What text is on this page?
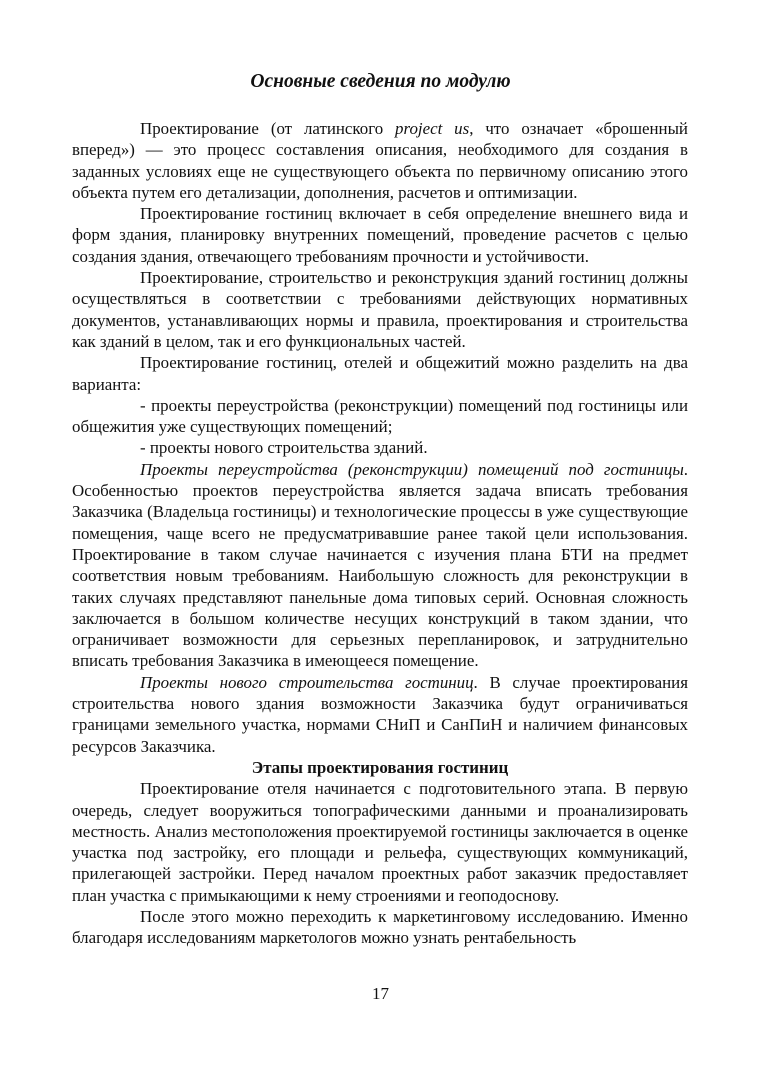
Основные сведения по модулю

Проектирование (от латинского project us, что означает «брошенный вперед») — это процесс составления описания, необходимого для создания в заданных условиях еще не существующего объекта по первичному описанию этого объекта путем его детализации, дополнения, расчетов и оптимизации.

Проектирование гостиниц включает в себя определение внешнего вида и форм здания, планировку внутренних помещений, проведение расчетов с целью создания здания, отвечающего требованиям прочности и устойчивости.

Проектирование, строительство и реконструкция зданий гостиниц должны осуществляться в соответствии с требованиями действующих нормативных документов, устанавливающих нормы и правила, проектирования и строительства как зданий в целом, так и его функциональных частей.

Проектирование гостиниц, отелей и общежитий можно разделить на два варианта:

- проекты переустройства (реконструкции) помещений под гостиницы или общежития уже существующих помещений;

- проекты нового строительства зданий.

Проекты переустройства (реконструкции) помещений под гостиницы. Особенностью проектов переустройства является задача вписать требования Заказчика (Владельца гостиницы) и технологические процессы в уже существующие помещения, чаще всего не предусматривавшие ранее такой цели использования. Проектирование в таком случае начинается с изучения плана БТИ на предмет соответствия новым требованиям. Наибольшую сложность для реконструкции в таких случаях представляют панельные дома типовых серий. Основная сложность заключается в большом количестве несущих конструкций в таком здании, что ограничивает возможности для серьезных перепланировок, и затруднительно вписать требования Заказчика в имеющееся помещение.

Проекты нового строительства гостиниц. В случае проектирования строительства нового здания возможности Заказчика будут ограничиваться границами земельного участка, нормами СНиП и СанПиН и наличием финансовых ресурсов Заказчика.

Этапы проектирования гостиниц

Проектирование отеля начинается с подготовительного этапа. В первую очередь, следует вооружиться топографическими данными и проанализировать местность. Анализ местоположения проектируемой гостиницы заключается в оценке участка под застройку, его площади и рельефа, существующих коммуникаций, прилегающей застройки. Перед началом проектных работ заказчик предоставляет план участка с примыкающими к нему строениями и геоподоснову.

После этого можно переходить к маркетинговому исследованию. Именно благодаря исследованиям маркетологов можно узнать рентабельность

17
